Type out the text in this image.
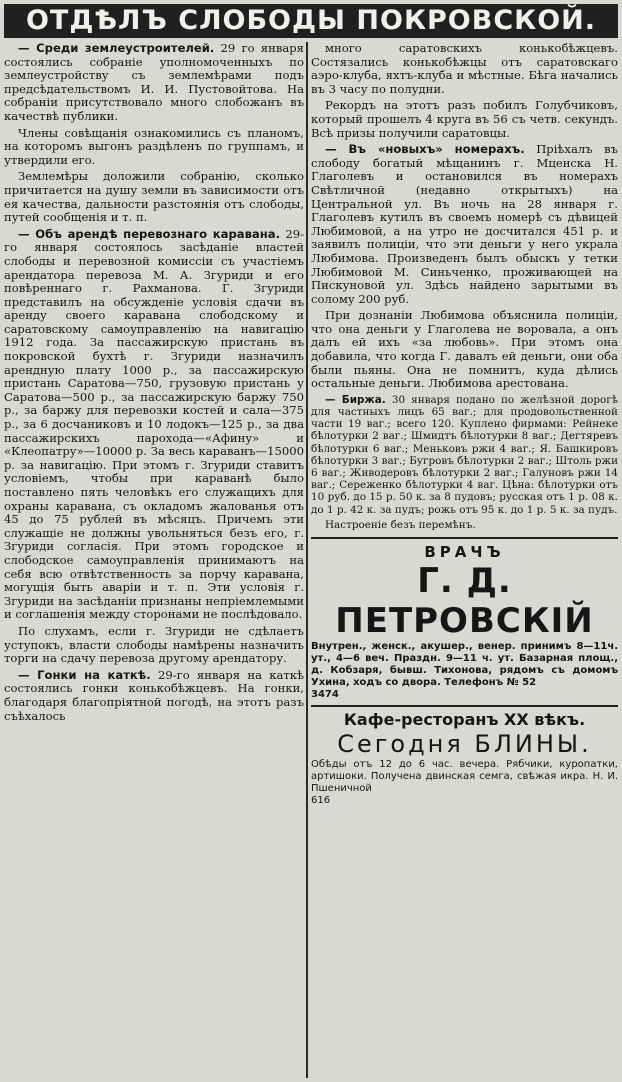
ОТДѢЛЪ СЛОБОДЫ ПОКРОВСКОЙ.

— Среди землеустроителей. 29 го января состоялись собраніе уполномоченныхъ по землеустройству съ землемѣрами подъ предсѣдательствомъ И. И. Пустовойтова. На собраніи присутствовало много слобожанъ въ качествѣ публики.

Члены совѣщанія ознакомились съ планомъ, на которомъ выгонъ раздѣленъ по группамъ, и утвердили его.

Землемѣры доложили собранію, сколько причитается на душу земли въ зависимости отъ ея качества, дальности разстоянія отъ слободы, путей сообщенія и т. п.

— Объ арендѣ перевознаго каравана. 29-го января состоялось засѣданіе властей слободы и перевозной комиссіи съ участіемъ арендатора перевоза М. А. Згуриди и его повѣреннаго г. Рахманова. Г. Згуриди представилъ на обсужденіе условія сдачи въ аренду своего каравана слободскому и саратовскому самоуправленію на навигацію 1912 года. За пассажирскую пристань въ покровской бухтѣ г. Згуриди назначилъ арендную плату 1000 р., за пассажирскую пристань Саратова—750, грузовую пристань у Саратова—500 р., за пассажирскую баржу 750 р., за баржу для перевозки костей и сала—375 р., за 6 досчаниковъ и 10 лодокъ—125 р., за два пассажирскихъ парохода—«Афину» и «Клеопатру»—10000 р. За весь караванъ—15000 р. за навигацію. При этомъ г. Згуриди ставитъ условіемъ, чтобы при караванѣ было поставлено пять человѣкъ его служащихъ для охраны каравана, съ окладомъ жалованья отъ 45 до 75 рублей въ мѣсяцъ. Причемъ эти служащіе не должны увольняться безъ его, г. Згуриди согласія. При этомъ городское и слободское самоуправленія принимаютъ на себя всю отвѣтственность за порчу каравана, могущія быть аваріи и т. п. Эти условія г. Згуриди на засѣданіи признаны непріемлемыми и соглашенія между сторонами не послѣдовало.

По слухамъ, если г. Згуриди не сдѣлаетъ уступокъ, власти слободы намѣрены назначить торги на сдачу перевоза другому арендатору.

— Гонки на каткѣ. 29-го января на каткѣ состоялись гонки конькобѣжцевъ. На гонки, благодаря благопріятной погодѣ, на этотъ разъ съѣхалось

много саратовскихъ конькобѣжцевъ. Состязались конькобѣжцы отъ саратовскаго аэро-клуба, яхтъ-клуба и мѣстные. Бѣга начались въ 3 часу по полудни.

Рекордъ на этотъ разъ побилъ Голубчиковъ, который прошелъ 4 круга въ 56 съ четв. секундъ. Всѣ призы получили саратовцы.

— Въ «новыхъ» номерахъ. Пріѣхалъ въ слободу богатый мѣщанинъ г. Мценска Н. Глаголевъ и остановился въ номерахъ Свѣтличной (недавно открытыхъ) на Центральной ул. Въ ночь на 28 января г. Глаголевъ кутилъ въ своемъ номерѣ съ дѣвицей Любимовой, а на утро не досчитался 451 р. и заявилъ полиціи, что эти деньги у него украла Любимова. Произведенъ былъ обыскъ у тетки Любимовой М. Синьченко, проживающей на Пискуновой ул. Здѣсь найдено зарытыми въ солому 200 руб.

При дознаніи Любимова объяснила полиціи, что она деньги у Глаголева не воровала, а онъ далъ ей ихъ «за любовь». При этомъ она добавила, что когда Г. давалъ ей деньги, они оба были пьяны. Она не помнитъ, куда дѣлись остальные деньги. Любимова арестована.

— Биржа. 30 января подано по желѣзной дорогѣ для частныхъ лицъ 65 ваг.; для продовольственной части 19 ваг.; всего 120. Куплено фирмами: Рейнеке бѣлотурки 2 ваг.; Шмидтъ бѣлотурки 8 ваг.; Дегтяревъ бѣлотурки 6 ваг.; Меньковъ ржи 4 ваг.; Я. Башкировъ бѣлотурки 3 ваг.; Бугровъ бѣлотурки 2 ваг.; Штоль ржи 6 ваг.; Живодеровъ бѣлотурки 2 ваг.; Галуновъ ржи 14 ваг.; Сереженко бѣлотурки 4 ваг. Цѣна: бѣлотурки отъ 10 руб. до 15 р. 50 к. за 8 пудовъ; русская отъ 1 р. 08 к. до 1 р. 42 к. за пудъ; рожь отъ 95 к. до 1 р. 5 к. за пудъ.

Настроеніе безъ перемѣнъ.

ВРАЧЪ
Г. Д. ПЕТРОВСКІЙ
Внутрен., женск., акушер., венер. принимъ 8—11ч. ут., 4—6 веч. Праздн. 9—11 ч. ут. Базарная площ., д. Кобзаря, бывш. Тихонова, рядомъ съ домомъ Ухина, ходъ со двора. Телефонъ № 52
3474
Кафе-ресторанъ XX вѣкъ.
Сегодня БЛИНЫ.
Обѣды отъ 12 до 6 час. вечера. Рябчики, куропатки, артишоки. Получена двинская семга, свѣжая икра. Н. И. Пшеничной
616
